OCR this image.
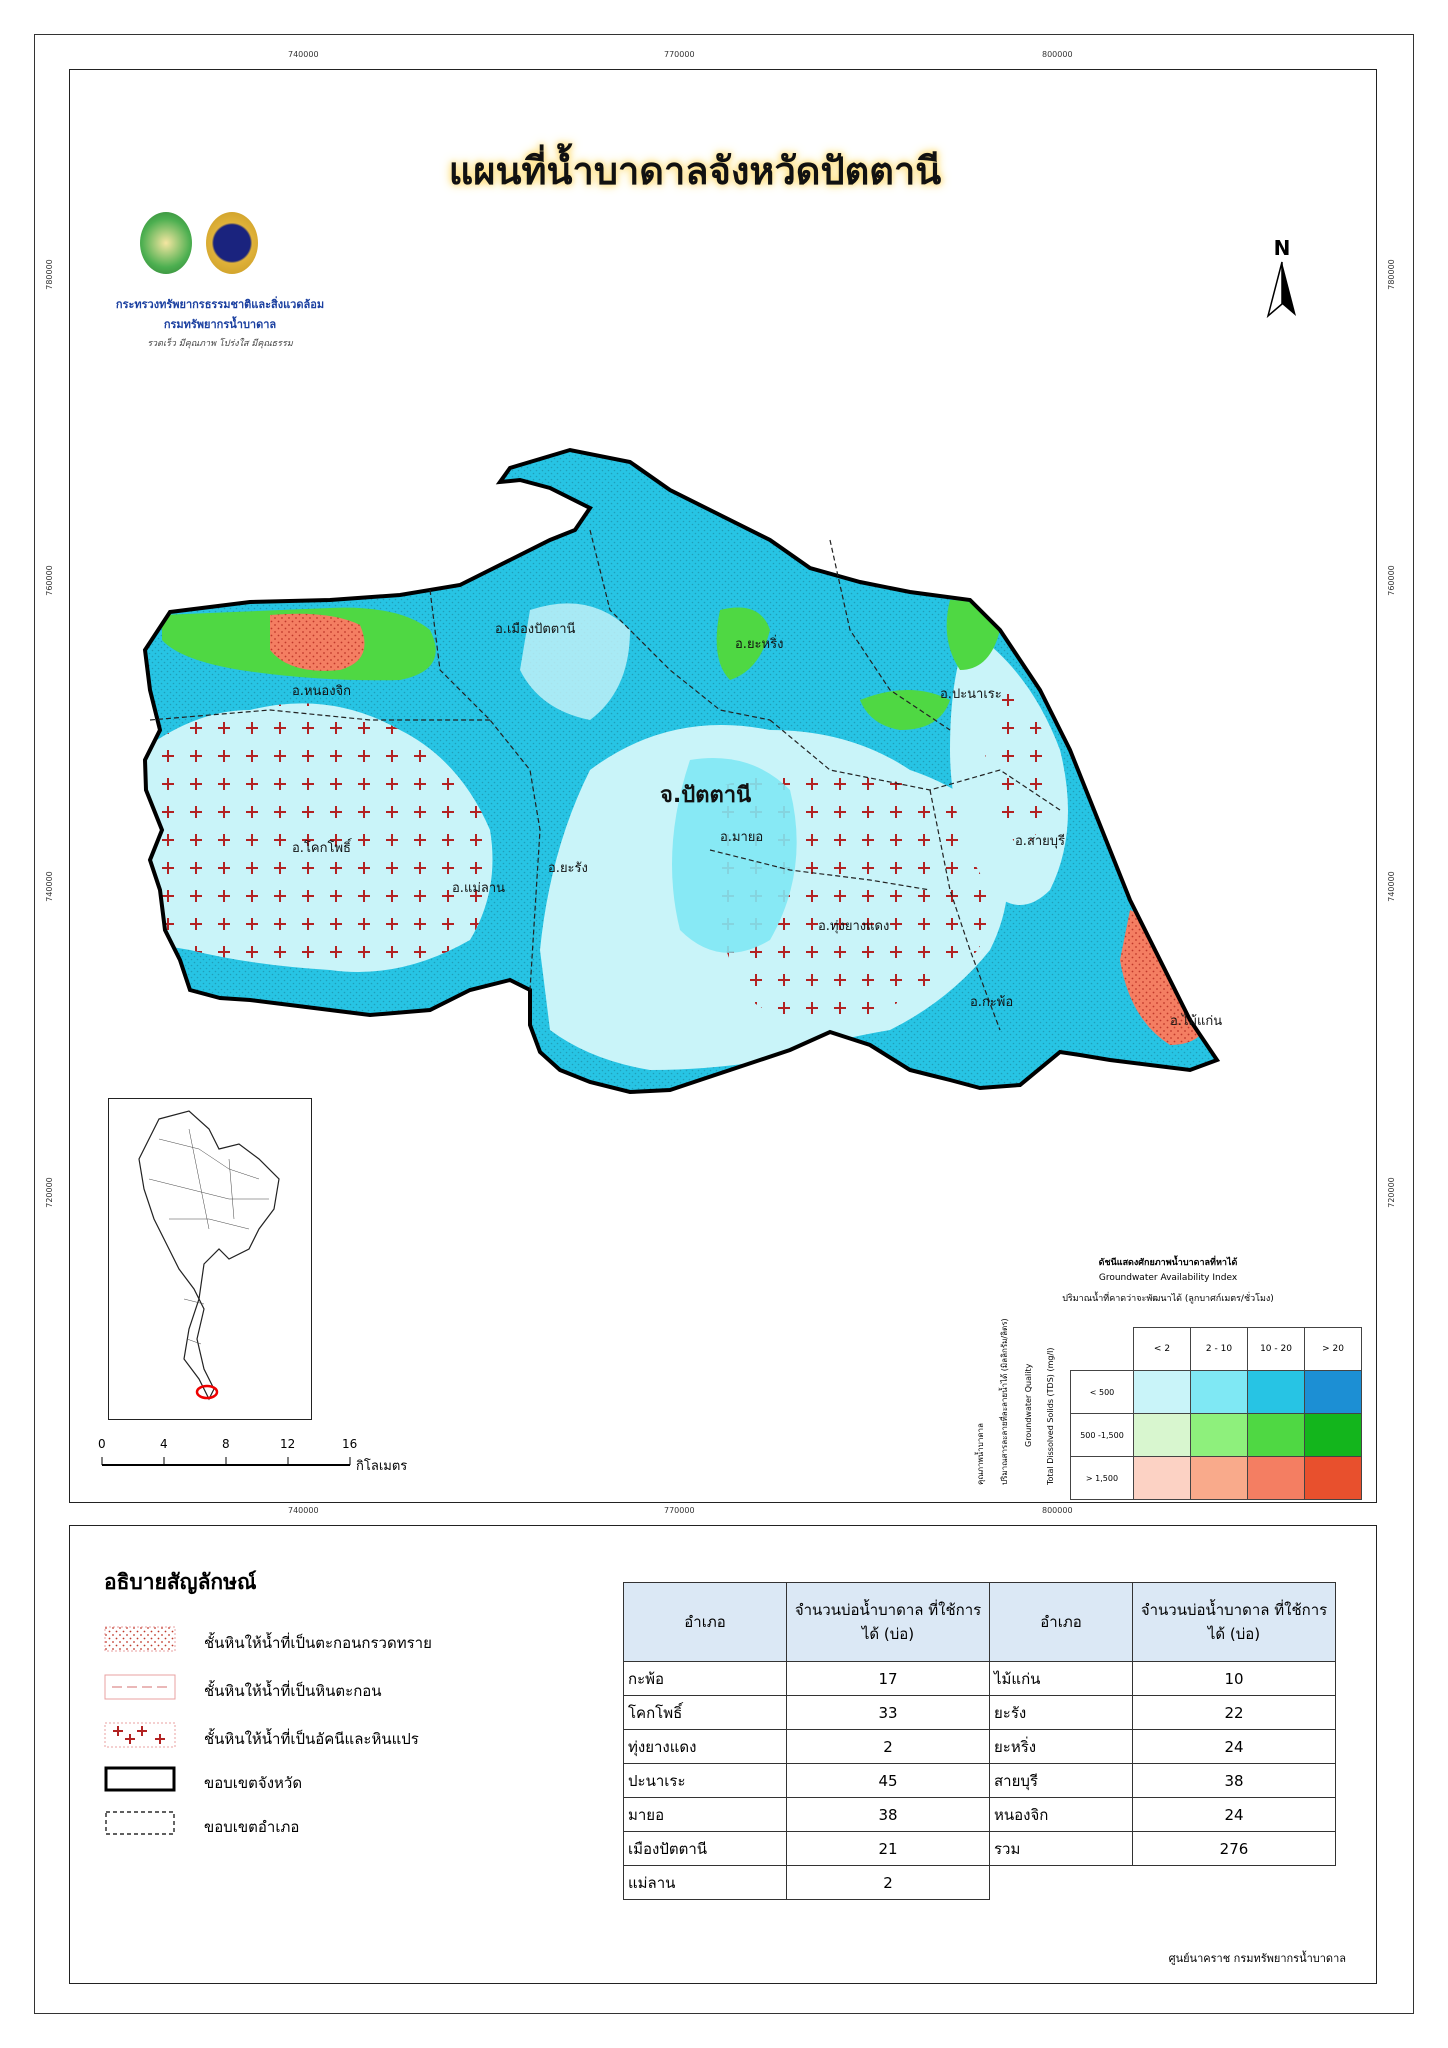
อ.เมืองปัตตานี
อ.ยะหริ่ง
อ.ปะนาเระ
อ.หนองจิก
อ.โคกโพธิ์
อ.แม่ลาน
อ.ยะรัง
อ.มายอ
อ.ทุ่งยางแดง
อ.สายบุรี
อ.ไม้แก่น
อ.กะพ้อ
จ.ปัตตานี
740000	770000	800000
740000	770000	800000
780000
760000
740000
720000
780000
760000
740000
720000
แผนที่น้ำบาดาลจังหวัดปัตตานี
กระทรวงทรัพยากรธรรมชาติและสิ่งแวดล้อม
กรมทรัพยากรน้ำบาดาล
รวดเร็ว มีคุณภาพ โปร่งใส มีคุณธรรม
N
0	4	8	12	16
กิโลเมตร
ดัชนีแสดงศักยภาพน้ำบาดาลที่หาได้
Groundwater Availability Index
ปริมาณน้ำที่คาดว่าจะพัฒนาได้ (ลูกบาศก์เมตร/ชั่วโมง)
คุณภาพน้ำบาดาล ปริมาณสารละลายที่ละลายน้ำได้ (มิลลิกรัม/ลิตร) Groundwater Quality Total Dissolved Solids (TDS) (mg/l)
		< 2	2 - 10	10 - 20	> 20
< 500				
500 -1,500				
> 1,500				
อธิบายสัญลักษณ์
ชั้นหินให้น้ำที่เป็นตะกอนกรวดทราย
ชั้นหินให้น้ำที่เป็นหินตะกอน
ชั้นหินให้น้ำที่เป็นอัคนีและหินแปร
ขอบเขตจังหวัด
ขอบเขตอำเภอ
อำเภอ	จำนวนบ่อน้ำบาดาล ที่ใช้การได้ (บ่อ)	อำเภอ	จำนวนบ่อน้ำบาดาล ที่ใช้การได้ (บ่อ)
กะพ้อ	17	ไม้แก่น	10
โคกโพธิ์	33	ยะรัง	22
ทุ่งยางแดง	2	ยะหริ่ง	24
ปะนาเระ	45	สายบุรี	38
มายอ	38	หนองจิก	24
เมืองปัตตานี	21	รวม	276
แม่ลาน	2		
ศูนย์นาคราช กรมทรัพยากรน้ำบาดาล
